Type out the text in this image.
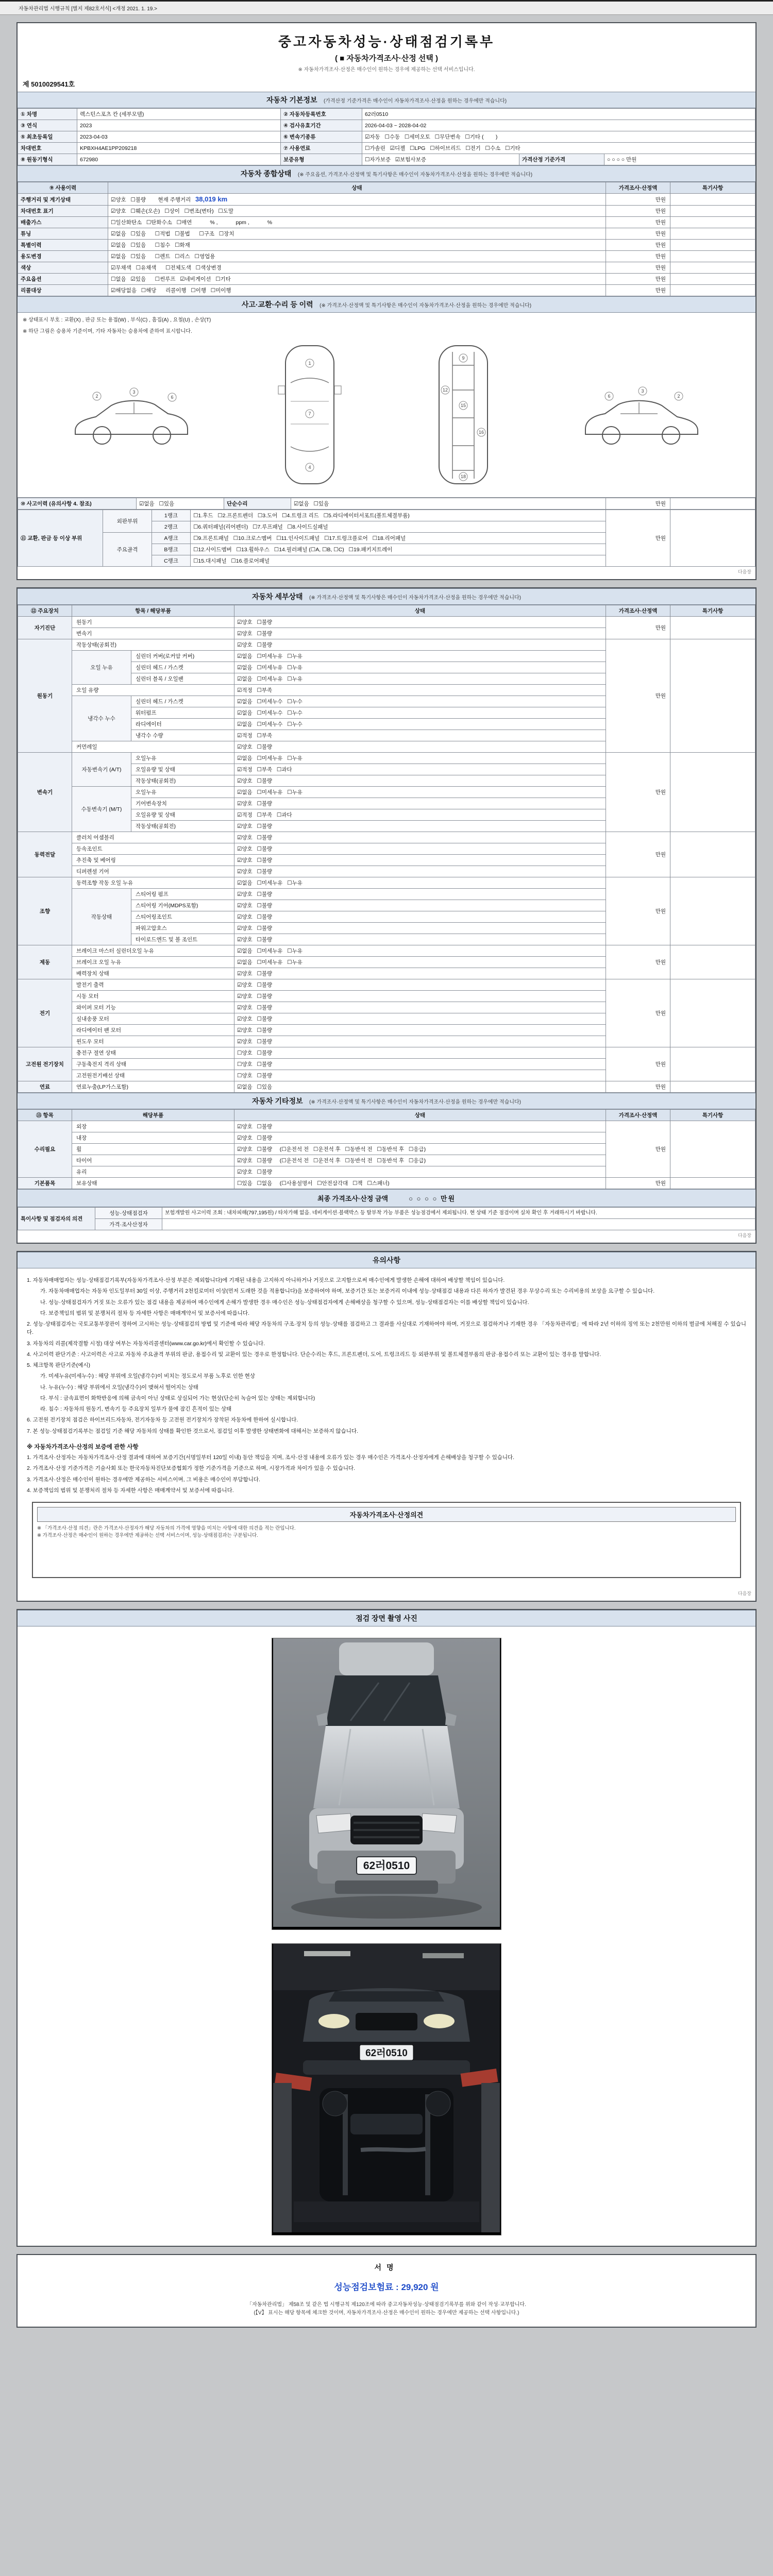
자동차관리법 시행규칙 [별지 제82호서식] <개정 2021. 1. 19.>
중고자동차성능·상태점검기록부
( ■ 자동차가격조사·산정 선택 )
※ 자동차가격조사·산정은 매수인이 원하는 경우에 제공하는 선택 서비스입니다.
제 5010029541호
자동차 기본정보 (가격산정 기준가격은 매수인이 자동차가격조사·산정을 원하는 경우에만 적습니다)
① 차명	렉스턴스포츠 칸 (세부모델)	② 자동차등록번호	62러0510		
③ 연식	2023	④ 검사유효기간	2026-04-03 ~ 2028-04-02		
⑤ 최초등록일	2023-04-03	⑥ 변속기종류	☑자동   ☐수동   ☐세미오토   ☐무단변속   ☐기타 (        )		
차대번호	KPBXH4AE1PP209218	⑦ 사용연료	☐가솔린   ☑디젤   ☐LPG   ☐하이브리드   ☐전기   ☐수소   ☐기타		
⑧ 원동기형식	672980	보증유형	☐자가보증   ☑보험사보증	가격산정 기준가격	○ ○ ○ ○ 만원
자동차 종합상태 (※ 주요옵션, 가격조사·산정액 및 특기사항은 매수인이 자동차가격조사·산정을 원하는 경우에만 적습니다)
⑨ 사용이력	상태	가격조사·산정액	특기사항
주행거리 및 계기상태	☑양호   ☐불량        현재 주행거리   38,019 km	만원	
차대번호 표기	☑양호   ☐훼손(오손)   ☐상이   ☐변조(변타)   ☐도말	만원	
배출가스	☐일산화탄소   ☐탄화수소   ☐매연            % ,            ppm ,            %	만원	
튜닝	☑없음   ☐있음      ☐적법   ☐불법      ☐구조   ☐장치	만원	
특별이력	☑없음   ☐있음      ☐침수   ☐화재	만원	
용도변경	☑없음   ☐있음      ☐렌트   ☐리스   ☐영업용	만원	
색상	☑무채색   ☐유채색      ☐전체도색   ☐색상변경	만원	
주요옵션	☐없음   ☑있음      ☐썬루프   ☑네비게이션   ☐기타	만원	
리콜대상	☑해당없음   ☐해당      리콜이행   ☐이행   ☐미이행	만원	
사고·교환·수리 등 이력 (※ 가격조사·산정액 및 특기사항은 매수인이 자동차가격조사·산정을 원하는 경우에만 적습니다)
※ 상태표시 부호 : 교환(X) , 판금 또는 용접(W) , 부식(C) , 흠집(A) , 요철(U) , 손상(T)
※ 하단 그림은 승용차 기준이며, 기타 자동차는 승용차에 준하여 표시합니다.
2
3
6
1
7
4
9
12
15
16
18
6
3
2
⑩ 사고이력 (유의사항 4. 참조)	☑없음   ☐있음	단순수리	☑없음   ☐있음	만원	
⑪ 교환, 판금 등 이상 부위	외판부위	1랭크	☐1.후드   ☐2.프론트펜더   ☐3.도어   ☐4.트렁크 리드   ☐5.라디에이터서포트(볼트체결부품)	만원	
		2랭크	☐6.쿼터패널(리어펜더)   ☐7.루프패널   ☐8.사이드실패널		
	주요골격	A랭크	☐9.프론트패널   ☐10.크로스멤버   ☐11.인사이드패널   ☐17.트렁크플로어   ☐18.리어패널		
		B랭크	☐12.사이드멤버   ☐13.휠하우스   ☐14.필러패널 (☐A, ☐B, ☐C)   ☐19.패키지트레이		
		C랭크	☐15.대시패널   ☐16.플로어패널		
다음장
자동차 세부상태 (※ 가격조사·산정액 및 특기사항은 매수인이 자동차가격조사·산정을 원하는 경우에만 적습니다)
⑫ 주요장치	항목 / 해당부품		상태	가격조사·산정액	특기사항
자기진단	원동기		☑양호   ☐불량	만원	
	변속기		☑양호   ☐불량		
원동기	작동상태(공회전)		☑양호   ☐불량	만원	
	오일 누유	실린더 커버(로커암 커버)	☑없음   ☐미세누유   ☐누유		
		실린더 헤드 / 가스켓	☑없음   ☐미세누유   ☐누유		
		실린더 블록 / 오일팬	☑없음   ☐미세누유   ☐누유		
	오일 유량		☑적정   ☐부족		
	냉각수 누수	실린더 헤드 / 가스켓	☑없음   ☐미세누수   ☐누수		
		워터펌프	☑없음   ☐미세누수   ☐누수		
		라디에이터	☑없음   ☐미세누수   ☐누수		
		냉각수 수량	☑적정   ☐부족		
	커먼레일		☑양호   ☐불량		
변속기	자동변속기 (A/T)	오일누유	☑없음   ☐미세누유   ☐누유	만원	
		오일유량 및 상태	☑적정   ☐부족   ☐과다		
		작동상태(공회전)	☑양호   ☐불량		
	수동변속기 (M/T)	오일누유	☑없음   ☐미세누유   ☐누유		
		기어변속장치	☑양호   ☐불량		
		오일유량 및 상태	☑적정   ☐부족   ☐과다		
		작동상태(공회전)	☑양호   ☐불량		
동력전달	클러치 어셈블리		☑양호   ☐불량	만원	
	등속조인트		☑양호   ☐불량		
	추진축 및 베어링		☑양호   ☐불량		
	디퍼렌셜 기어		☑양호   ☐불량		
조향	동력조향 작동 오일 누유		☑없음   ☐미세누유   ☐누유	만원	
	작동상태	스티어링 펌프	☑양호   ☐불량		
		스티어링 기어(MDPS포함)	☑양호   ☐불량		
		스티어링조인트	☑양호   ☐불량		
		파워고압호스	☑양호   ☐불량		
		타이로드엔드 및 볼 조인트	☑양호   ☐불량		
제동	브레이크 마스터 실린더오일 누유		☑없음   ☐미세누유   ☐누유	만원	
	브레이크 오일 누유		☑없음   ☐미세누유   ☐누유		
	배력장치 상태		☑양호   ☐불량		
전기	발전기 출력		☑양호   ☐불량	만원	
	시동 모터		☑양호   ☐불량		
	와이퍼 모터 기능		☑양호   ☐불량		
	실내송풍 모터		☑양호   ☐불량		
	라디에이터 팬 모터		☑양호   ☐불량		
	윈도우 모터		☑양호   ☐불량		
고전원 전기장치	충전구 절연 상태		☐양호   ☐불량	만원	
	구동축전지 격리 상태		☐양호   ☐불량		
	고전원전기배선 상태		☐양호   ☐불량		
연료	연료누출(LP가스포함)		☑없음   ☐있음	만원	
자동차 기타정보 (※ 가격조사·산정액 및 특기사항은 매수인이 자동차가격조사·산정을 원하는 경우에만 적습니다)
⑬ 항목	해당부품	상태	가격조사·산정액	특기사항
수리필요	외장	☑양호   ☐불량	만원	
	내장	☑양호   ☐불량		
	휠	☑양호   ☐불량     (☐운전석 전   ☐운전석 후   ☐동반석 전   ☐동반석 후   ☐응급)		
	타이어	☑양호   ☐불량     (☐운전석 전   ☐운전석 후   ☐동반석 전   ☐동반석 후   ☐응급)		
	유리	☑양호   ☐불량		
기본품목	보유상태	☐있음   ☐없음     (☐사용설명서   ☐안전삼각대   ☐잭   ☐스패너)	만원	
최종 가격조사·산정 금액	○ ○ ○ ○ 만원
특이사항 및 점검자의 의견	성능·상태점검자	보험개발원 사고이력 조회 : 내차피해(797,195원) / 타차가해 없음. 네비게이션·블랙박스 등 탈부착 가능 부품은 성능점검에서 제외됩니다. 현 상태 기준 점검이며 실차 확인 후 거래하시기 바랍니다.
	가격·조사산정자	
다음장
유의사항
1. 자동차매매업자는 성능·상태점검기록부(자동차가격조사·산정 부분은 제외합니다)에 기재된 내용을 고지하지 아니하거나 거짓으로 고지함으로써 매수인에게 발생한 손해에 대하여 배상할 책임이 있습니다.
가. 자동차매매업자는 자동차 인도일부터 30일 이상, 주행거리 2천킬로미터 이상(먼저 도래한 것을 적용합니다)을 보증하여야 하며, 보증기간 또는 보증거리 이내에 성능·상태점검 내용과 다른 하자가 발견된 경우 무상수리 또는 수리비용의 보상을 요구할 수 있습니다.
나. 성능·상태점검자가 거짓 또는 오류가 있는 점검 내용을 제공하여 매수인에게 손해가 발생한 경우 매수인은 성능·상태점검자에게 손해배상을 청구할 수 있으며, 성능·상태점검자는 이를 배상할 책임이 있습니다.
다. 보증책임의 범위 및 분쟁처리 절차 등 자세한 사항은 매매계약서 및 보증서에 따릅니다.
2. 성능·상태점검자는 국토교통부장관이 정하여 고시하는 성능·상태점검의 방법 및 기준에 따라 해당 자동차의 구조·장치 등의 성능·상태를 점검하고 그 결과를 사실대로 기재하여야 하며, 거짓으로 점검하거나 기재한 경우 「자동차관리법」에 따라 2년 이하의 징역 또는 2천만원 이하의 벌금에 처해질 수 있습니다.
3. 자동차의 리콜(제작결함 시정) 대상 여부는 자동차리콜센터(www.car.go.kr)에서 확인할 수 있습니다.
4. 사고이력 판단기준 : 사고이력은 사고로 자동차 주요골격 부위의 판금, 용접수리 및 교환이 있는 경우로 한정합니다. 단순수리는 후드, 프론트펜더, 도어, 트렁크리드 등 외판부위 및 볼트체결부품의 판금·용접수리 또는 교환이 있는 경우를 말합니다.
5. 체크항목 판단기준(예시)
가. 미세누유(미세누수) : 해당 부위에 오일(냉각수)이 비치는 정도로서 부품 노후로 인한 현상
나. 누유(누수) : 해당 부위에서 오일(냉각수)이 맺혀서 떨어지는 상태
다. 부식 : 금속표면이 화학반응에 의해 금속이 아닌 상태로 상실되어 가는 현상(단순히 녹슬어 있는 상태는 제외합니다)
라. 침수 : 자동차의 원동기, 변속기 등 주요장치 일부가 물에 잠긴 흔적이 있는 상태
6. 고전원 전기장치 점검은 하이브리드자동차, 전기자동차 등 고전원 전기장치가 장착된 자동차에 한하여 실시합니다.
7. 본 성능·상태점검기록부는 점검일 기준 해당 자동차의 상태를 확인한 것으로서, 점검일 이후 발생한 상태변화에 대해서는 보증하지 않습니다.
※ 자동차가격조사·산정의 보증에 관한 사항
1. 가격조사·산정자는 자동차가격조사·산정 결과에 대하여 보증기간(서명일부터 120일 이내) 동안 책임을 지며, 조사·산정 내용에 오류가 있는 경우 매수인은 가격조사·산정자에게 손해배상을 청구할 수 있습니다.
2. 가격조사·산정 기준가격은 기술사회 또는 한국자동차진단보증협회가 정한 기준가격을 기준으로 하며, 시장가격과 차이가 있을 수 있습니다.
3. 가격조사·산정은 매수인이 원하는 경우에만 제공하는 서비스이며, 그 비용은 매수인이 부담합니다.
4. 보증책임의 범위 및 분쟁처리 절차 등 자세한 사항은 매매계약서 및 보증서에 따릅니다.
자동차가격조사·산정의견
※ 「가격조사·산정 의견」란은 가격조사·산정자가 해당 자동차의 가격에 영향을 미치는 사항에 대한 의견을 적는 란입니다.
※ 가격조사·산정은 매수인이 원하는 경우에만 제공하는 선택 서비스이며, 성능·상태점검과는 구분됩니다.
다음장
점검 장면 촬영 사진
62러0510
62러0510
서명
성능점검보험료 : 29,920 원
「자동차관리법」 제58조 및 같은 법 시행규칙 제120조에 따라 중고자동차성능·상태점검기록부를 위와 같이 작성·교부합니다.
(【V】 표시는 해당 항목에 체크한 것이며, 자동차가격조사·산정은 매수인이 원하는 경우에만 제공하는 선택 사항입니다.)
